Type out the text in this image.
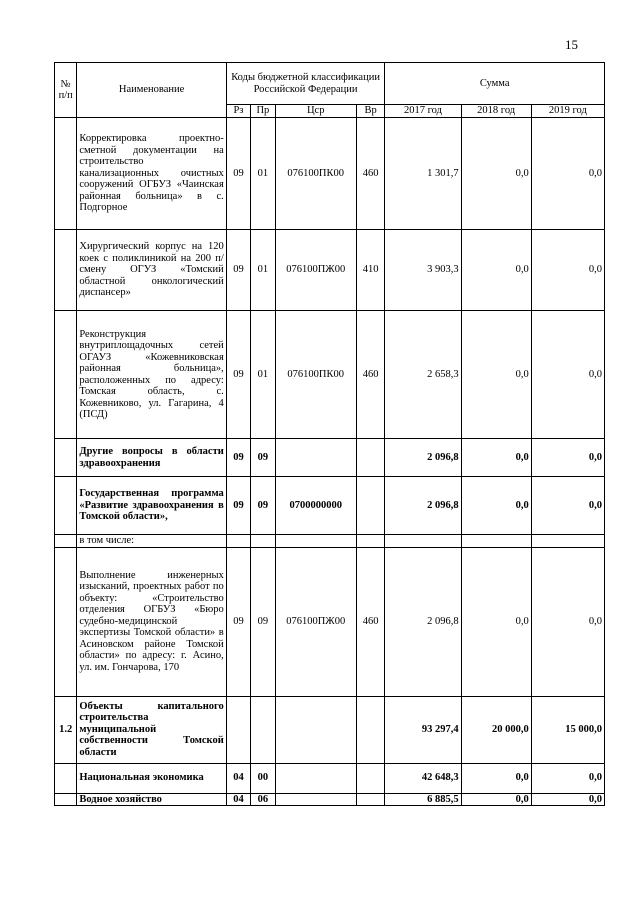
15
№ п/п	Наименование	Коды бюджетной классификации Российской Федерации				Сумма		
		Рз	Пр	Цср	Вр	2017 год	2018 год	2019 год
	Корректировка проектно-сметной документации на строительство канализационных очистных сооружений ОГБУЗ «Чаинская районная больница» в с. Подгорное	09	01	076100ПК00	460	1 301,7	0,0	0,0
	Хирургический корпус на 120 коек с поликлиникой на 200 п/смену ОГУЗ «Томский областной онкологический диспансер»	09	01	076100ПЖ00	410	3 903,3	0,0	0,0
	Реконструкция внутриплощадочных сетей ОГАУЗ «Кожевниковская районная больница», расположенных по адресу: Томская область, с. Кожевниково, ул. Гагарина, 4 (ПСД)	09	01	076100ПК00	460	2 658,3	0,0	0,0
	Другие вопросы в области здравоохранения	09	09			2 096,8	0,0	0,0
	Государственная программа «Развитие здравоохранения в Томской области»,	09	09	0700000000		2 096,8	0,0	0,0
	в том числе:							
	Выполнение инженерных изысканий, проектных работ по объекту: «Строительство отделения ОГБУЗ «Бюро судебно-медицинской экспертизы Томской области» в Асиновском районе Томской области» по адресу: г. Асино, ул. им. Гончарова, 170	09	09	076100ПЖ00	460	2 096,8	0,0	0,0
1.2	Объекты капитального строительства муниципальной собственности Томской области					93 297,4	20 000,0	15 000,0
	Национальная экономика	04	00			42 648,3	0,0	0,0
	Водное хозяйство	04	06			6 885,5	0,0	0,0
